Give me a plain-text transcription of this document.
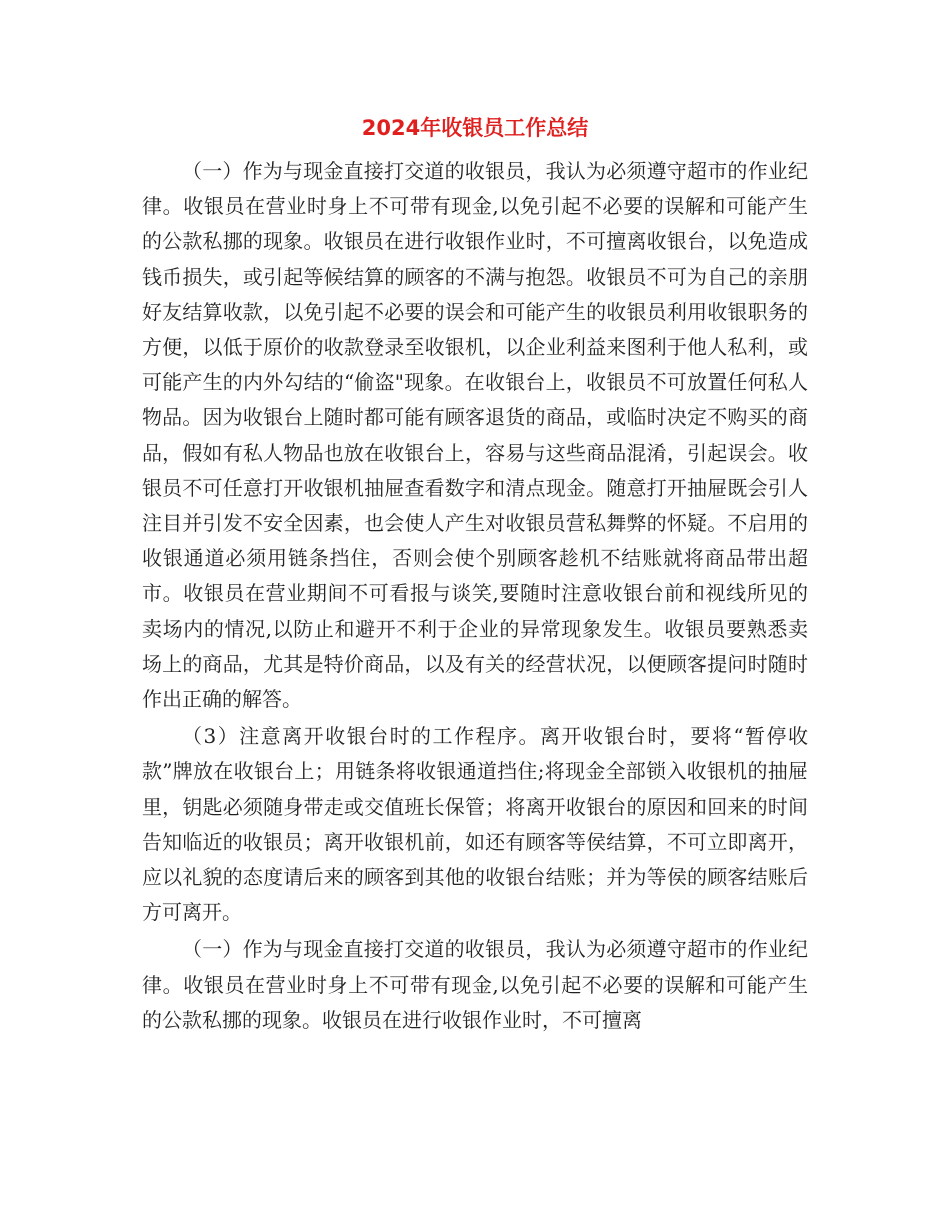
2024年收银员工作总结

（一）作为与现金直接打交道的收银员，我认为必须遵守超市的作业纪律。收银员在营业时身上不可带有现金,以免引起不必要的误解和可能产生的公款私挪的现象。收银员在进行收银作业时，不可擅离收银台，以免造成钱币损失，或引起等候结算的顾客的不满与抱怨。收银员不可为自己的亲朋好友结算收款，以免引起不必要的误会和可能产生的收银员利用收银职务的方便，以低于原价的收款登录至收银机，以企业利益来图利于他人私利，或可能产生的内外勾结的“偷盗"现象。在收银台上，收银员不可放置任何私人物品。因为收银台上随时都可能有顾客退货的商品，或临时决定不购买的商品，假如有私人物品也放在收银台上，容易与这些商品混淆，引起误会。收银员不可任意打开收银机抽屉查看数字和清点现金。随意打开抽屉既会引人注目并引发不安全因素，也会使人产生对收银员营私舞弊的怀疑。不启用的收银通道必须用链条挡住，否则会使个别顾客趁机不结账就将商品带出超市。收银员在营业期间不可看报与谈笑,要随时注意收银台前和视线所见的卖场内的情况,以防止和避开不利于企业的异常现象发生。收银员要熟悉卖场上的商品，尤其是特价商品，以及有关的经营状况，以便顾客提问时随时作出正确的解答。

（3）注意离开收银台时的工作程序。离开收银台时，要将“暂停收款”牌放在收银台上；用链条将收银通道挡住;将现金全部锁入收银机的抽屉里，钥匙必须随身带走或交值班长保管；将离开收银台的原因和回来的时间告知临近的收银员；离开收银机前，如还有顾客等侯结算，不可立即离开，应以礼貌的态度请后来的顾客到其他的收银台结账；并为等侯的顾客结账后方可离开。

（一）作为与现金直接打交道的收银员，我认为必须遵守超市的作业纪律。收银员在营业时身上不可带有现金,以免引起不必要的误解和可能产生的公款私挪的现象。收银员在进行收银作业时，不可擅离
